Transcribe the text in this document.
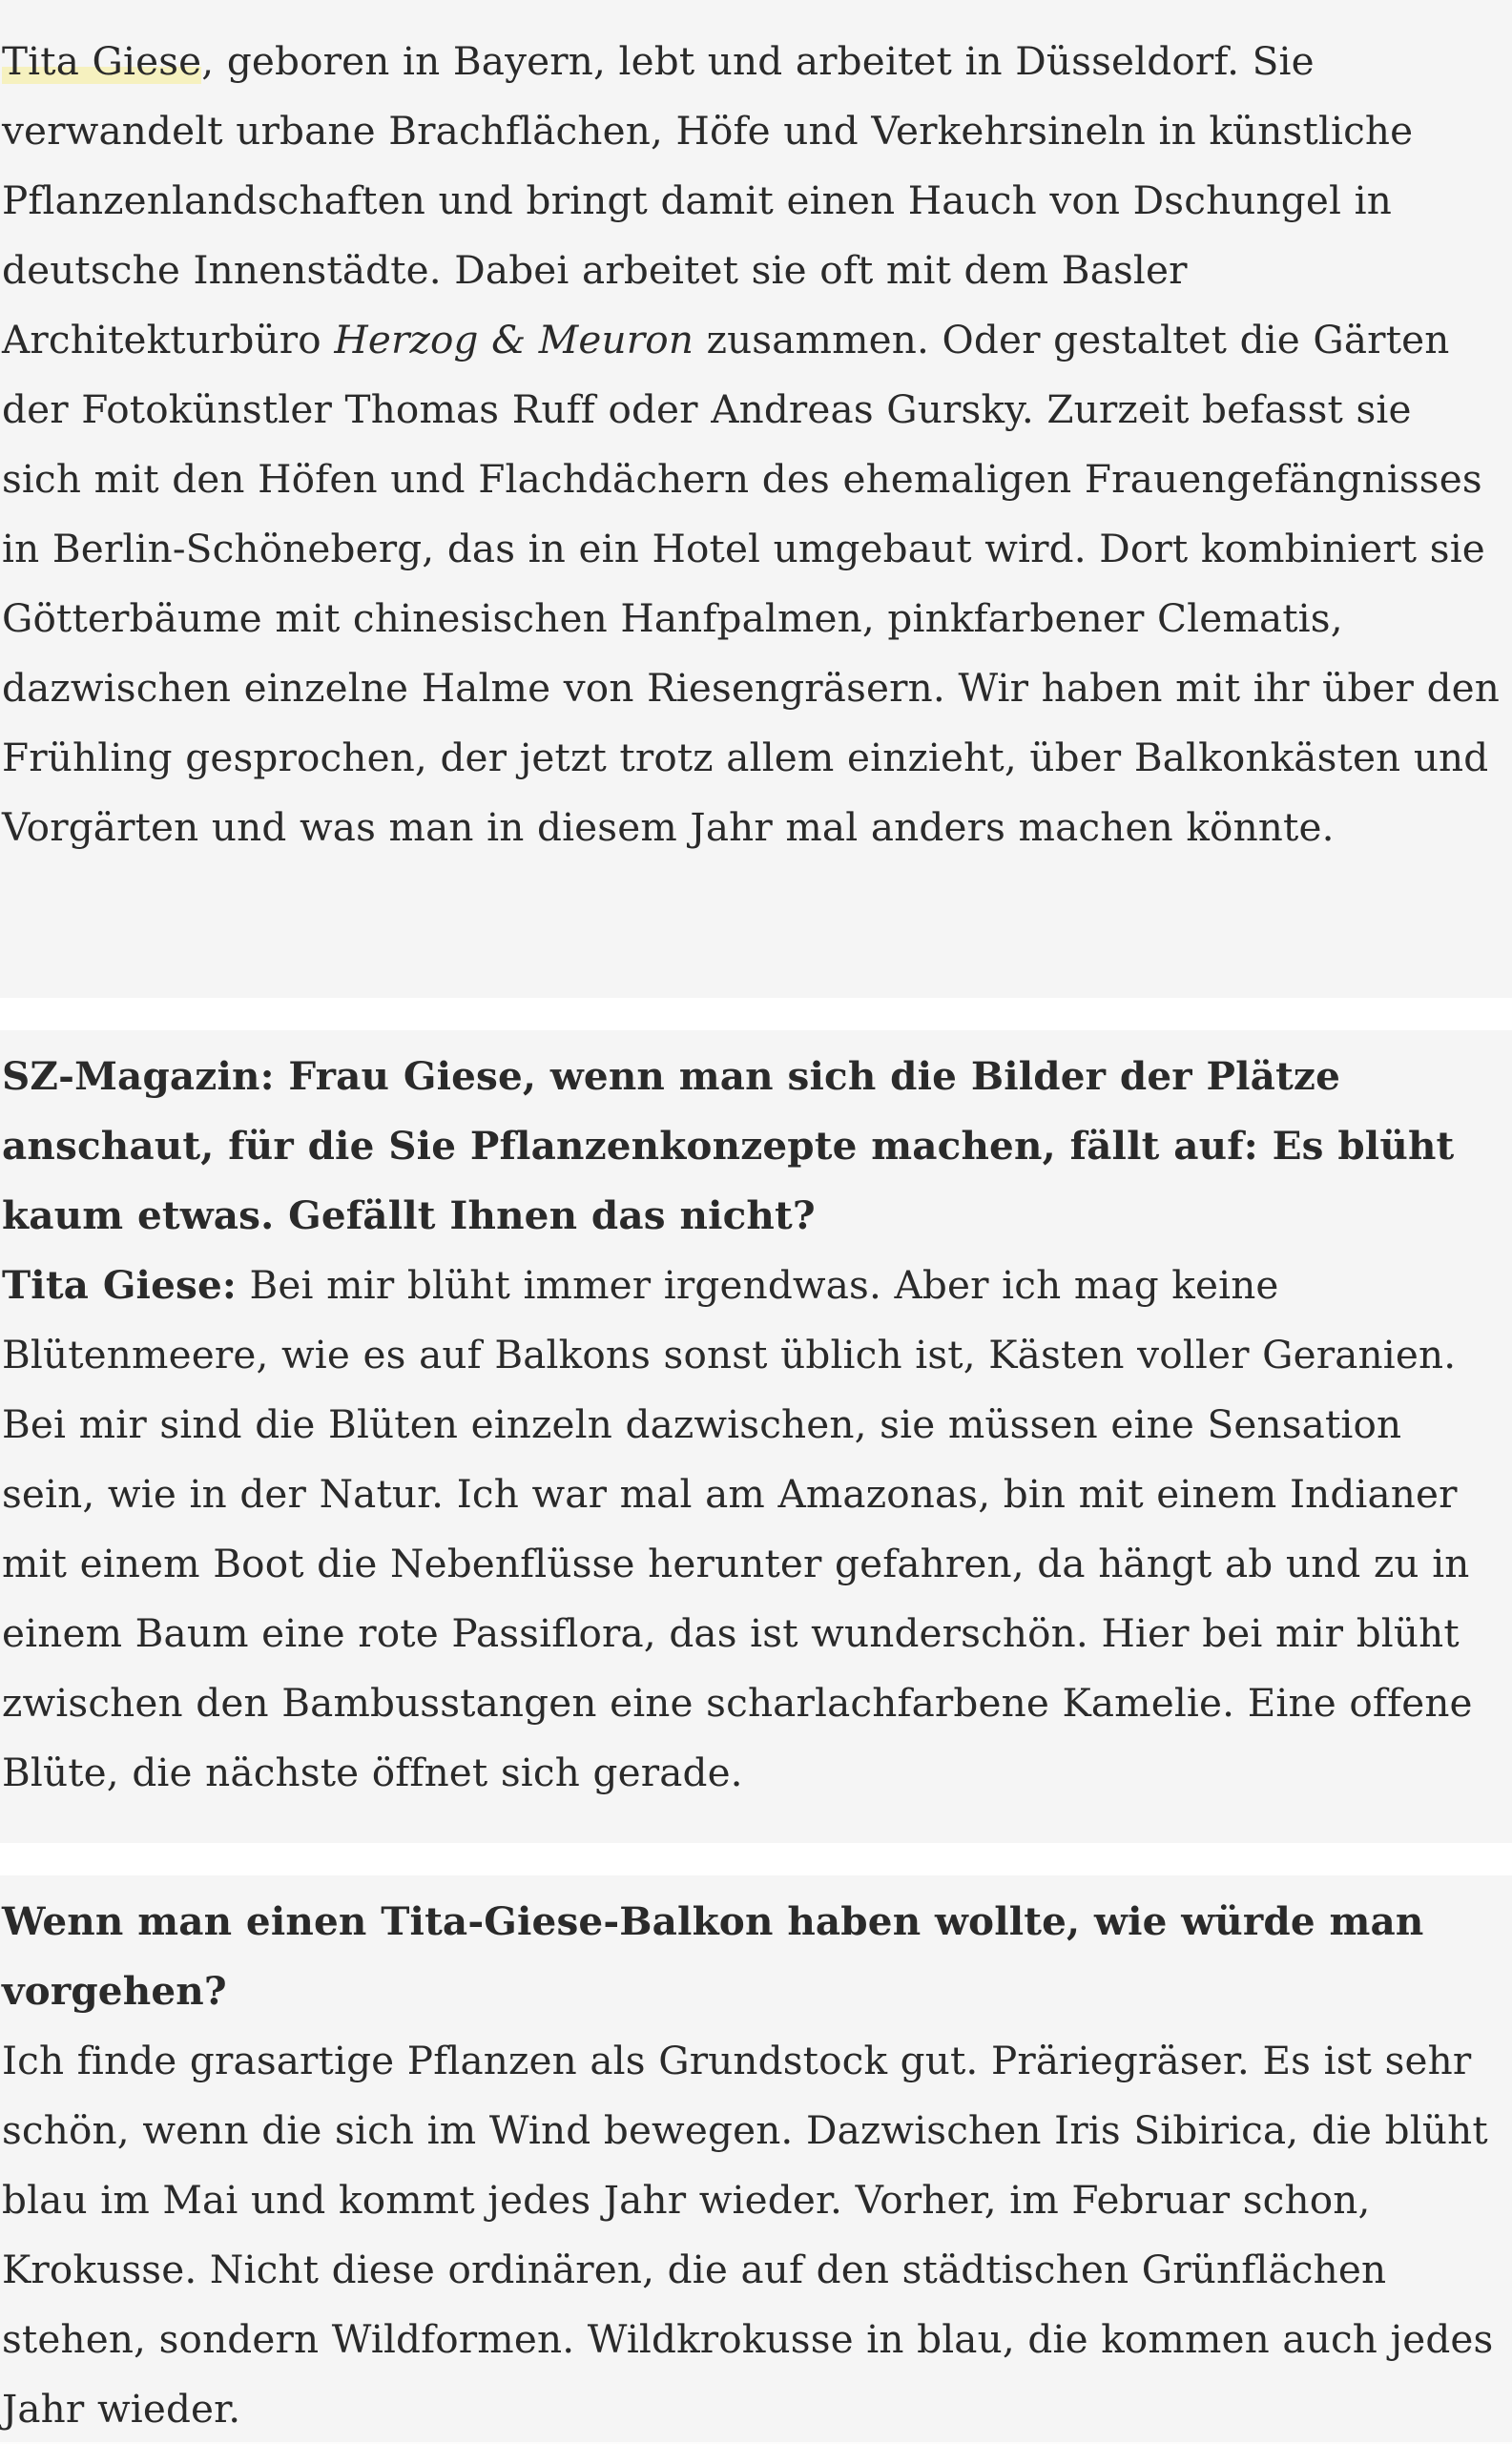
Tita Giese, geboren in Bayern, lebt und arbeitet in Düsseldorf. Sie verwandelt urbane Brachflächen, Höfe und Verkehrsineln in künstliche Pflanzenlandschaften und bringt damit einen Hauch von Dschungel in deutsche Innenstädte. Dabei arbeitet sie oft mit dem Basler Architekturbüro Herzog & Meuron zusammen. Oder gestaltet die Gärten der Fotokünstler Thomas Ruff oder Andreas Gursky. Zurzeit befasst sie sich mit den Höfen und Flachdächern des ehemaligen Frauengefängnisses in Berlin-Schöneberg, das in ein Hotel umgebaut wird. Dort kombiniert sie Götterbäume mit chinesischen Hanfpalmen, pinkfarbener Clematis, dazwischen einzelne Halme von Riesengräsern. Wir haben mit ihr über den Frühling gesprochen, der jetzt trotz allem einzieht, über Balkonkästen und Vorgärten und was man in diesem Jahr mal anders machen könnte.

SZ-Magazin: Frau Giese, wenn man sich die Bilder der Plätze anschaut, für die Sie Pflanzenkonzepte machen, fällt auf: Es blüht kaum etwas. Gefällt Ihnen das nicht?

Tita Giese: Bei mir blüht immer irgendwas. Aber ich mag keine Blütenmeere, wie es auf Balkons sonst üblich ist, Kästen voller Geranien. Bei mir sind die Blüten einzeln dazwischen, sie müssen eine Sensation sein, wie in der Natur. Ich war mal am Amazonas, bin mit einem Indianer mit einem Boot die Nebenflüsse herunter gefahren, da hängt ab und zu in einem Baum eine rote Passiflora, das ist wunderschön. Hier bei mir blüht zwischen den Bambusstangen eine scharlachfarbene Kamelie. Eine offene Blüte, die nächste öffnet sich gerade.

Wenn man einen Tita-Giese-Balkon haben wollte, wie würde man vorgehen?

Ich finde grasartige Pflanzen als Grundstock gut. Präriegräser. Es ist sehr schön, wenn die sich im Wind bewegen. Dazwischen Iris Sibirica, die blüht blau im Mai und kommt jedes Jahr wieder. Vorher, im Februar schon, Krokusse. Nicht diese ordinären, die auf den städtischen Grünflächen stehen, sondern Wildformen. Wildkrokusse in blau, die kommen auch jedes Jahr wieder.
